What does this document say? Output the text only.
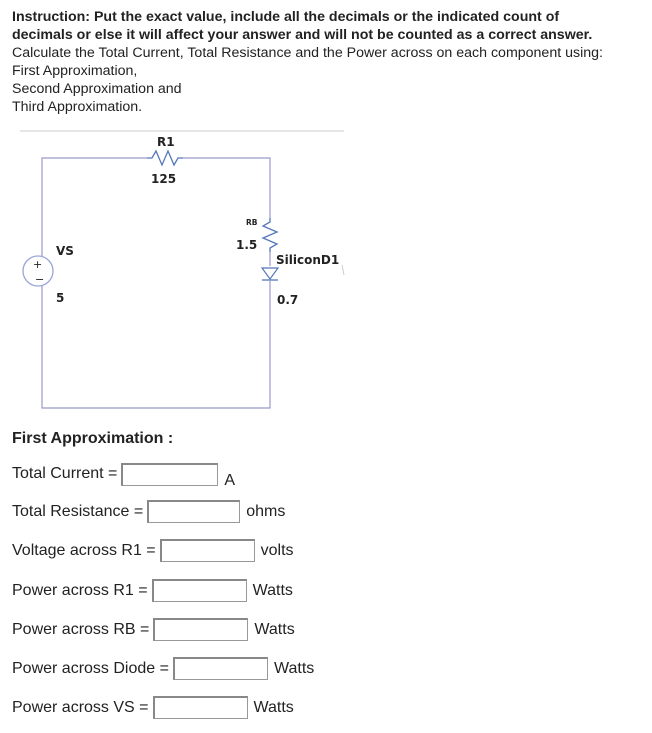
Instruction: Put the exact value, include all the decimals or the indicated count of
decimals or else it will affect your answer and will not be counted as a correct answer.
Calculate the Total Current, Total Resistance and the Power across on each component using:
First Approximation,
Second Approximation and
Third Approximation.
+
−
R1
125
RB
1.5
VS
5
SiliconD1
0.7
First Approximation :
Total Current =	A
Total Resistance =	ohms
Voltage across R1 =	volts
Power across R1 =	Watts
Power across RB =	Watts
Power across Diode =	Watts
Power across VS =	Watts
